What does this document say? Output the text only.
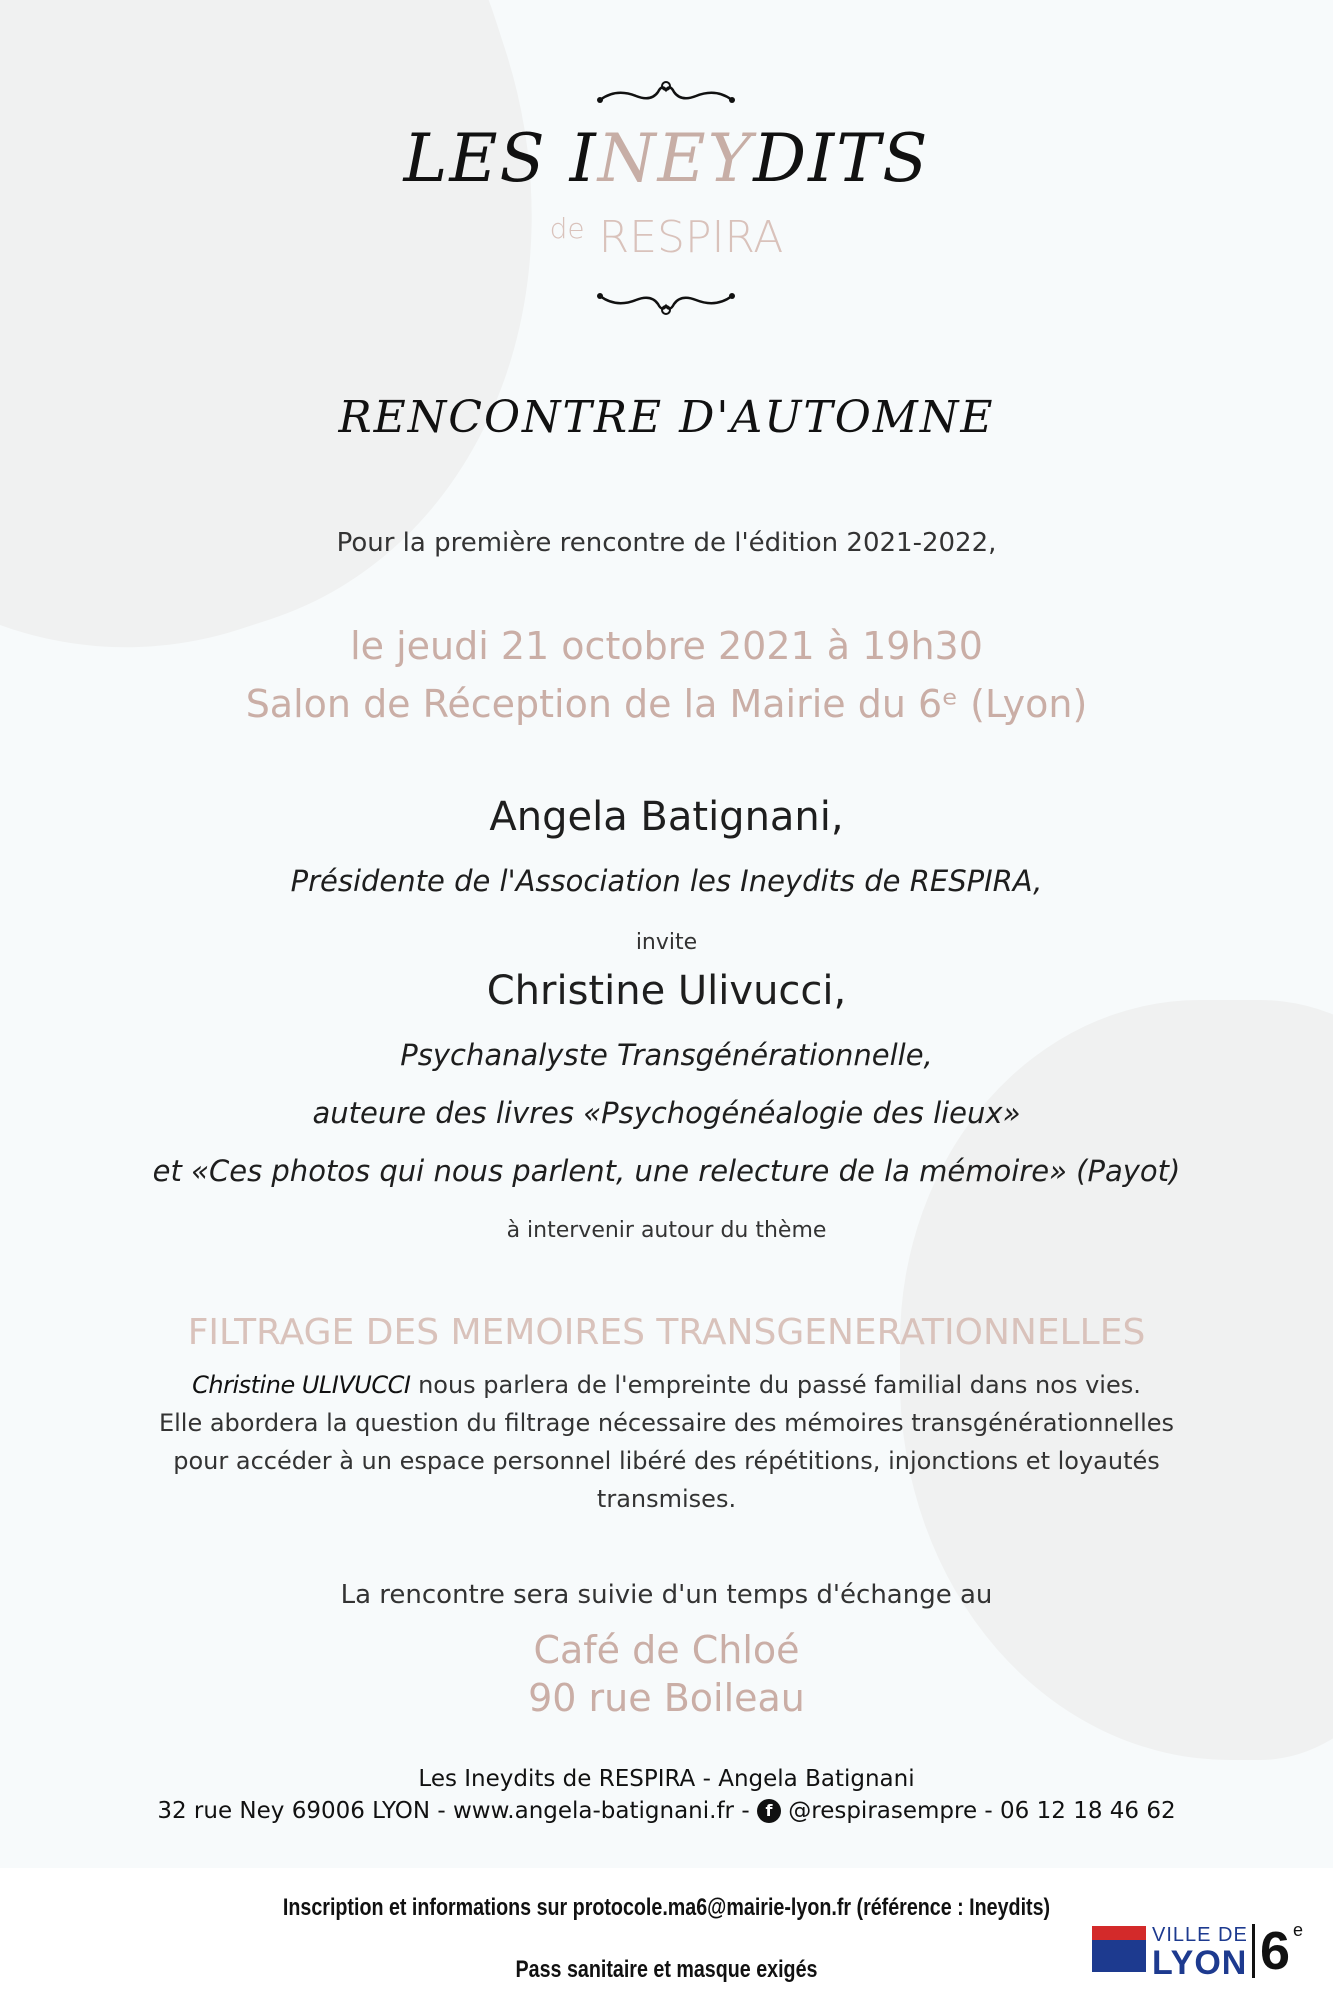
LES INEYDITS
$^{de}$ RESPIRA
RENCONTRE D'AUTOMNE
Pour la première rencontre de l'édition 2021-2022,
le jeudi 21 octobre 2021 à 19h30
Salon de Réception de la Mairie du 6ᵉ (Lyon)
Angela Batignani,
Présidente de l'Association les Ineydits de RESPIRA,
invite
Christine Ulivucci,
Psychanalyste Transgénérationnelle,
auteure des livres «Psychogénéalogie des lieux»
et «Ces photos qui nous parlent, une relecture de la mémoire» (Payot)
à intervenir autour du thème
FILTRAGE DES MEMOIRES TRANSGENERATIONNELLES
Christine ULIVUCCI nous parlera de l'empreinte du passé familial dans nos vies.
Elle abordera la question du filtrage nécessaire des mémoires transgénérationnelles
pour accéder à un espace personnel libéré des répétitions, injonctions et loyautés
transmises.
La rencontre sera suivie d'un temps d'échange au
Café de Chloé
90 rue Boileau
Les Ineydits de RESPIRA - Angela Batignani
32 rue Ney 69006 LYON - www.angela-batignani.fr - f @respirasempre - 06 12 18 46 62
Inscription et informations sur protocole.ma6@mairie-lyon.fr (référence : Ineydits)
Pass sanitaire et masque exigés
VILLE DE
LYON 6 e
